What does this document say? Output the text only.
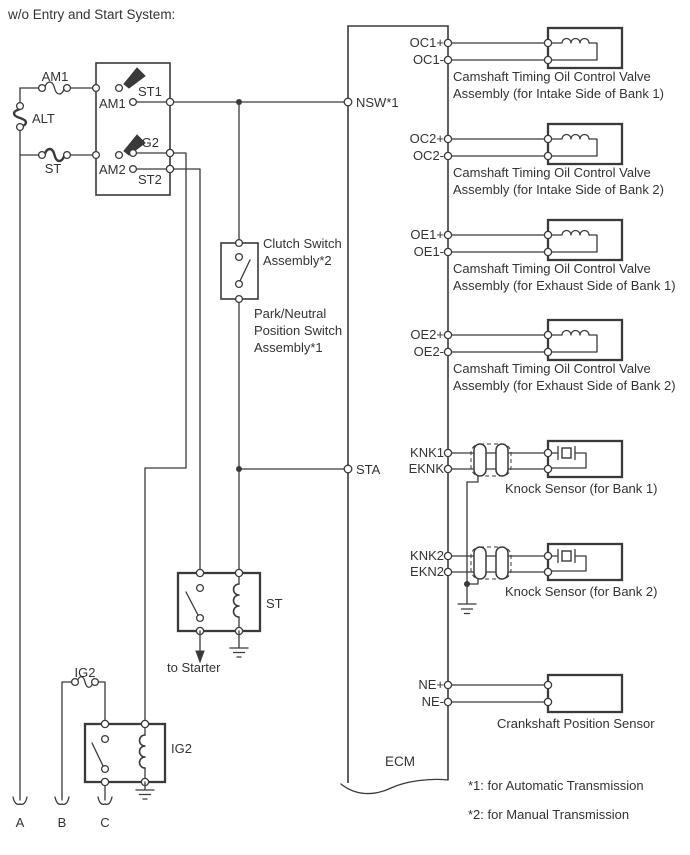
w/o Entry and Start System:
AM1
ALT
ST
IG2
AM1
ST1
AM2
IG2
ST2
Clutch Switch
Assembly*2
Park/Neutral
Position Switch
Assembly*1
ST
to Starter
IG2
A	B	C
ECM
NSW*1
STA
OC1+
OC1-
OC2+
OC2-
OE1+
OE1-
OE2+
OE2-
KNK1
EKNK
KNK2
EKN2
NE+
NE-
Camshaft Timing Oil Control Valve
Assembly (for Intake Side of Bank 1)
Camshaft Timing Oil Control Valve
Assembly (for Intake Side of Bank 2)
Camshaft Timing Oil Control Valve
Assembly (for Exhaust Side of Bank 1)
Camshaft Timing Oil Control Valve
Assembly (for Exhaust Side of Bank 2)
Knock Sensor (for Bank 1)
Knock Sensor (for Bank 2)
Crankshaft Position Sensor
*1: for Automatic Transmission
*2: for Manual Transmission
